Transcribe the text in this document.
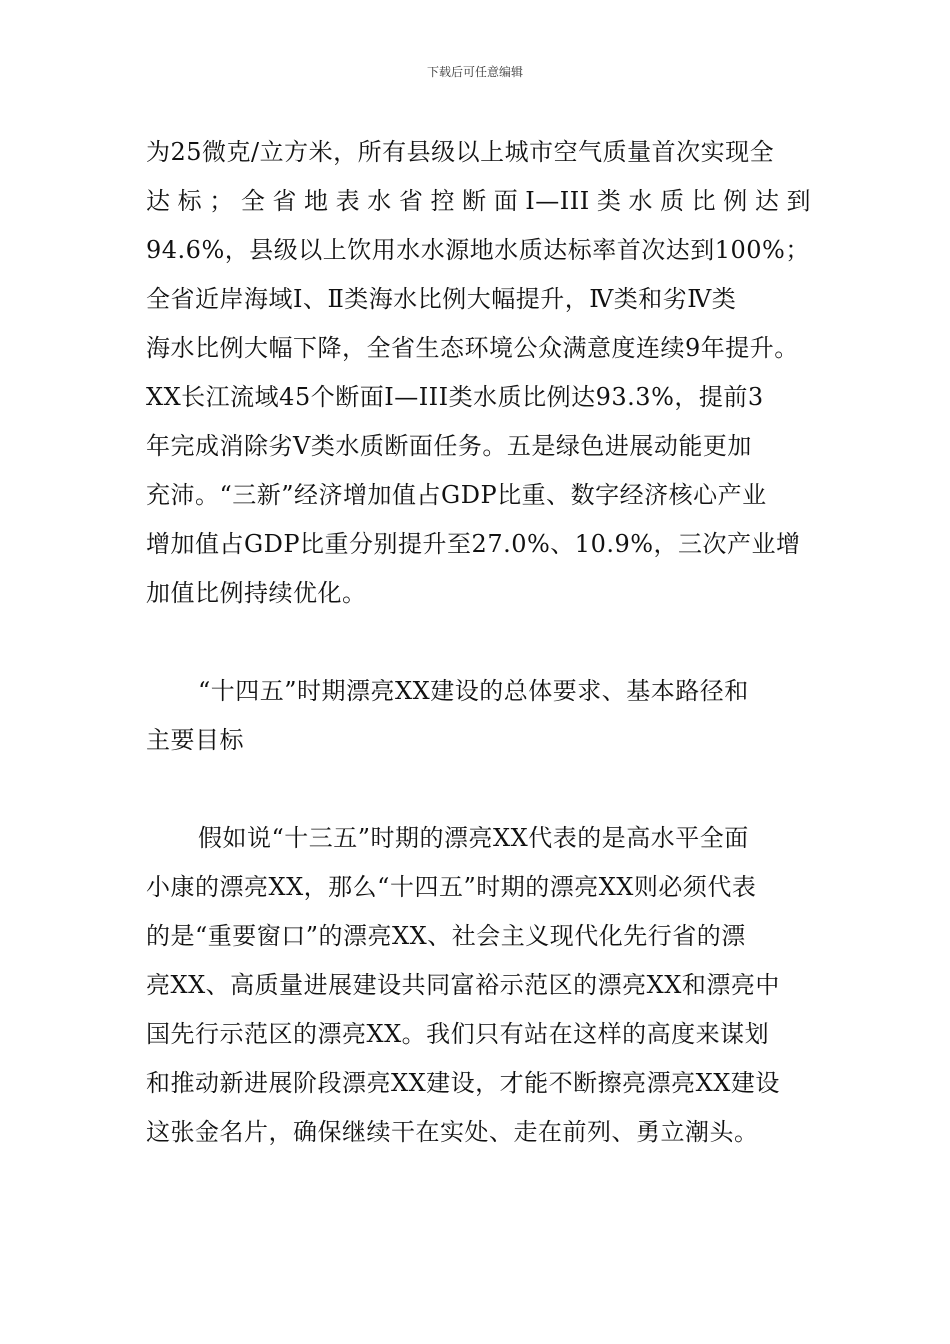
下载后可任意编辑
为25微克/立方米，所有县级以上城市空气质量首次实现全
达标；全省地表水省控断面I—III类水质比例达到
94.6%，县级以上饮用水水源地水质达标率首次达到100%；
全省近岸海域Ⅰ、Ⅱ类海水比例大幅提升，Ⅳ类和劣Ⅳ类
海水比例大幅下降，全省生态环境公众满意度连续9年提升。
XX长江流域45个断面I—III类水质比例达93.3%，提前3
年完成消除劣Ⅴ类水质断面任务。五是绿色进展动能更加
充沛。“三新”经济增加值占GDP比重、数字经济核心产业
增加值占GDP比重分别提升至27.0%、10.9%，三次产业增
加值比例持续优化。
“十四五”时期漂亮XX建设的总体要求、基本路径和
主要目标
假如说“十三五”时期的漂亮XX代表的是高水平全面
小康的漂亮XX，那么“十四五”时期的漂亮XX则必须代表
的是“重要窗口”的漂亮XX、社会主义现代化先行省的漂
亮XX、高质量进展建设共同富裕示范区的漂亮XX和漂亮中
国先行示范区的漂亮XX。我们只有站在这样的高度来谋划
和推动新进展阶段漂亮XX建设，才能不断擦亮漂亮XX建设
这张金名片，确保继续干在实处、走在前列、勇立潮头。
